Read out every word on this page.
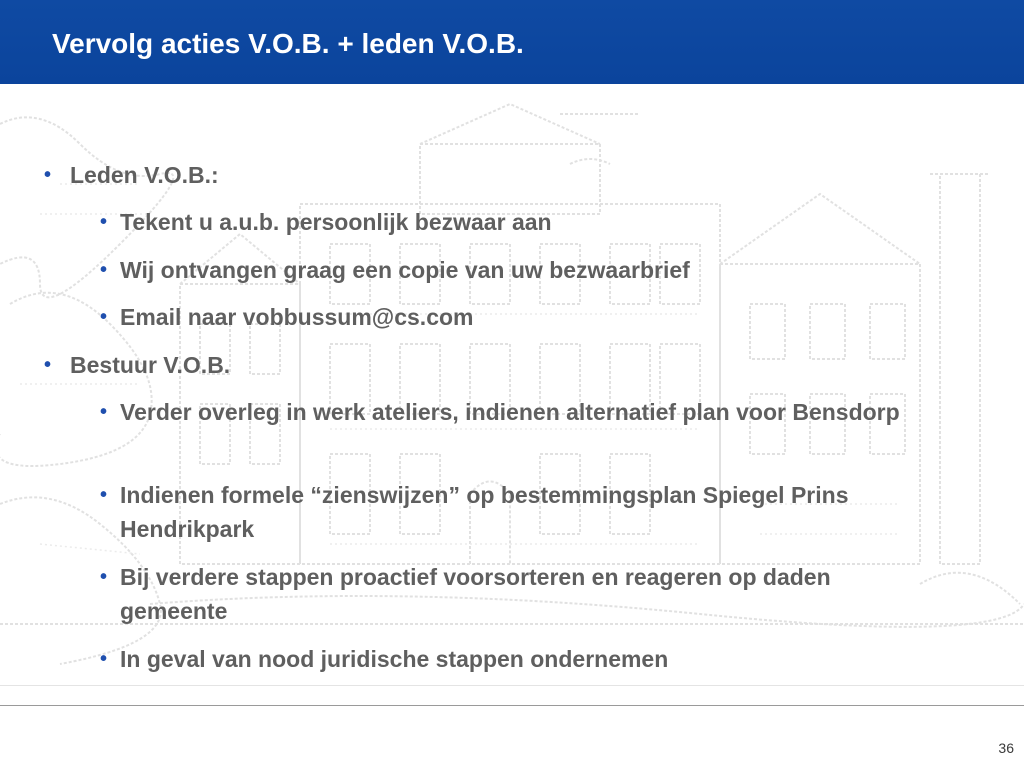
Vervolg acties V.O.B. + leden V.O.B.
• Leden V.O.B.:
• Tekent u a.u.b. persoonlijk bezwaar aan
• Wij ontvangen graag een copie van uw bezwaarbrief
• Email naar vobbussum@cs.com
• Bestuur V.O.B.
• Verder overleg in werk ateliers, indienen alternatief plan voor Bensdorp
• Indienen formele “zienswijzen” op bestemmingsplan Spiegel Prins Hendrikpark
• Bij verdere stappen proactief voorsorteren en reageren op daden gemeente
• In geval van nood juridische stappen ondernemen
36
